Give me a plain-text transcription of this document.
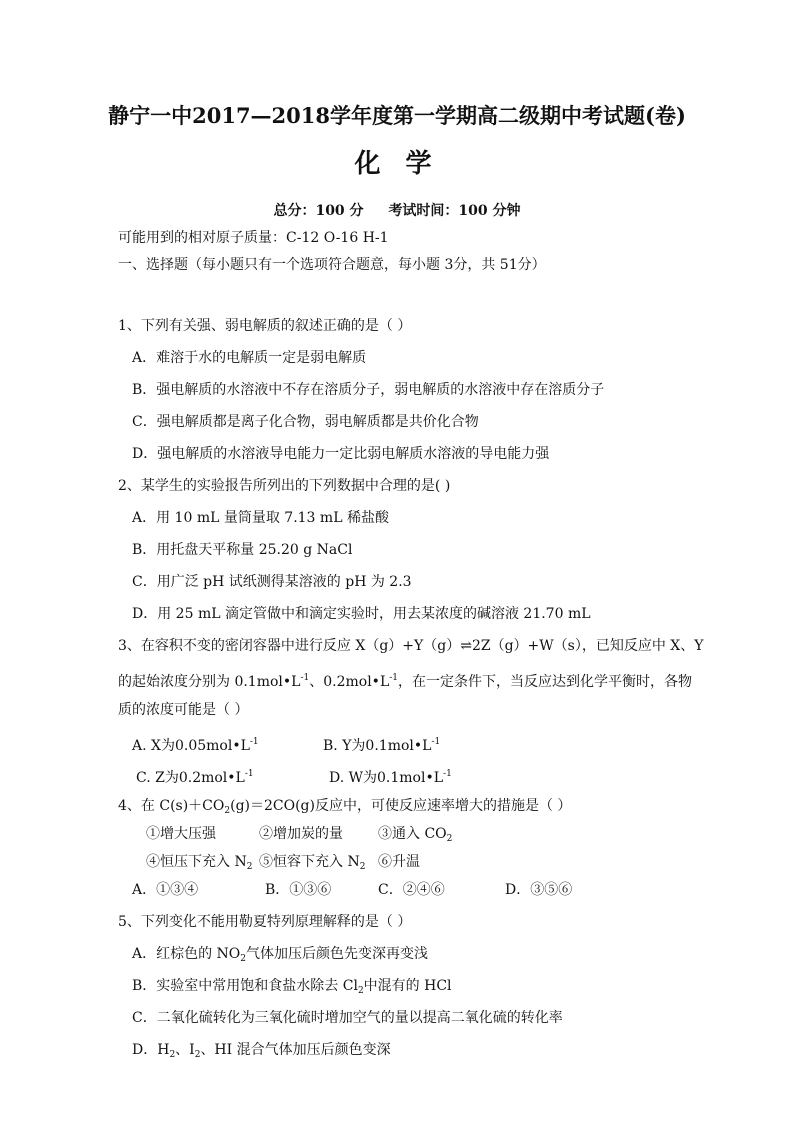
静宁一中2017—2018学年度第一学期高二级期中考试题(卷)
化 学
总分：100 分 考试时间：100 分钟
可能用到的相对原子质量：C-12 O-16 H-1
一、选择题（每小题只有一个选项符合题意，每小题 3分，共 51分）
1、下列有关强、弱电解质的叙述正确的是（ ）
A．难溶于水的电解质一定是弱电解质
B．强电解质的水溶液中不存在溶质分子，弱电解质的水溶液中存在溶质分子
C．强电解质都是离子化合物，弱电解质都是共价化合物
D．强电解质的水溶液导电能力一定比弱电解质水溶液的导电能力强
2、某学生的实验报告所列出的下列数据中合理的是( )
A．用 10 mL 量筒量取 7.13 mL 稀盐酸
B．用托盘天平称量 25.20 g NaCl
C．用广泛 pH 试纸测得某溶液的 pH 为 2.3
D．用 25 mL 滴定管做中和滴定实验时，用去某浓度的碱溶液 21.70 mL
3、在容积不变的密闭容器中进行反应 X（g）+Y（g）⇌2Z（g）+W（s），已知反应中 X、Y
的起始浓度分别为 $0.1mol•L^{-1}$、$0.2mol•L^{-1}$，在一定条件下，当反应达到化学平衡时，各物
质的浓度可能是（ ）
A. X为$0.05mol•L^{-1}$	B. Y为$0.1mol•L^{-1}$
C. Z为$0.2mol•L^{-1}$	D. W为$0.1mol•L^{-1}$
4、在 $C(s)+CO_2(g)=2CO(g)$反应中，可使反应速率增大的措施是（ ）
①增大压强	②增加炭的量	③通入 $CO_2$
④恒压下充入 $N_2$ ⑤恒容下充入 $N_2$ ⑥升温
A．①③④	B．①③⑥	C．②④⑥	D．③⑤⑥
5、下列变化不能用勒夏特列原理解释的是（ ）
A．红棕色的 $NO_2$气体加压后颜色先变深再变浅
B．实验室中常用饱和食盐水除去 $Cl_2$中混有的 HCl
C．二氧化硫转化为三氧化硫时增加空气的量以提高二氧化硫的转化率
D．$H_2$、$I_2$、HI 混合气体加压后颜色变深
